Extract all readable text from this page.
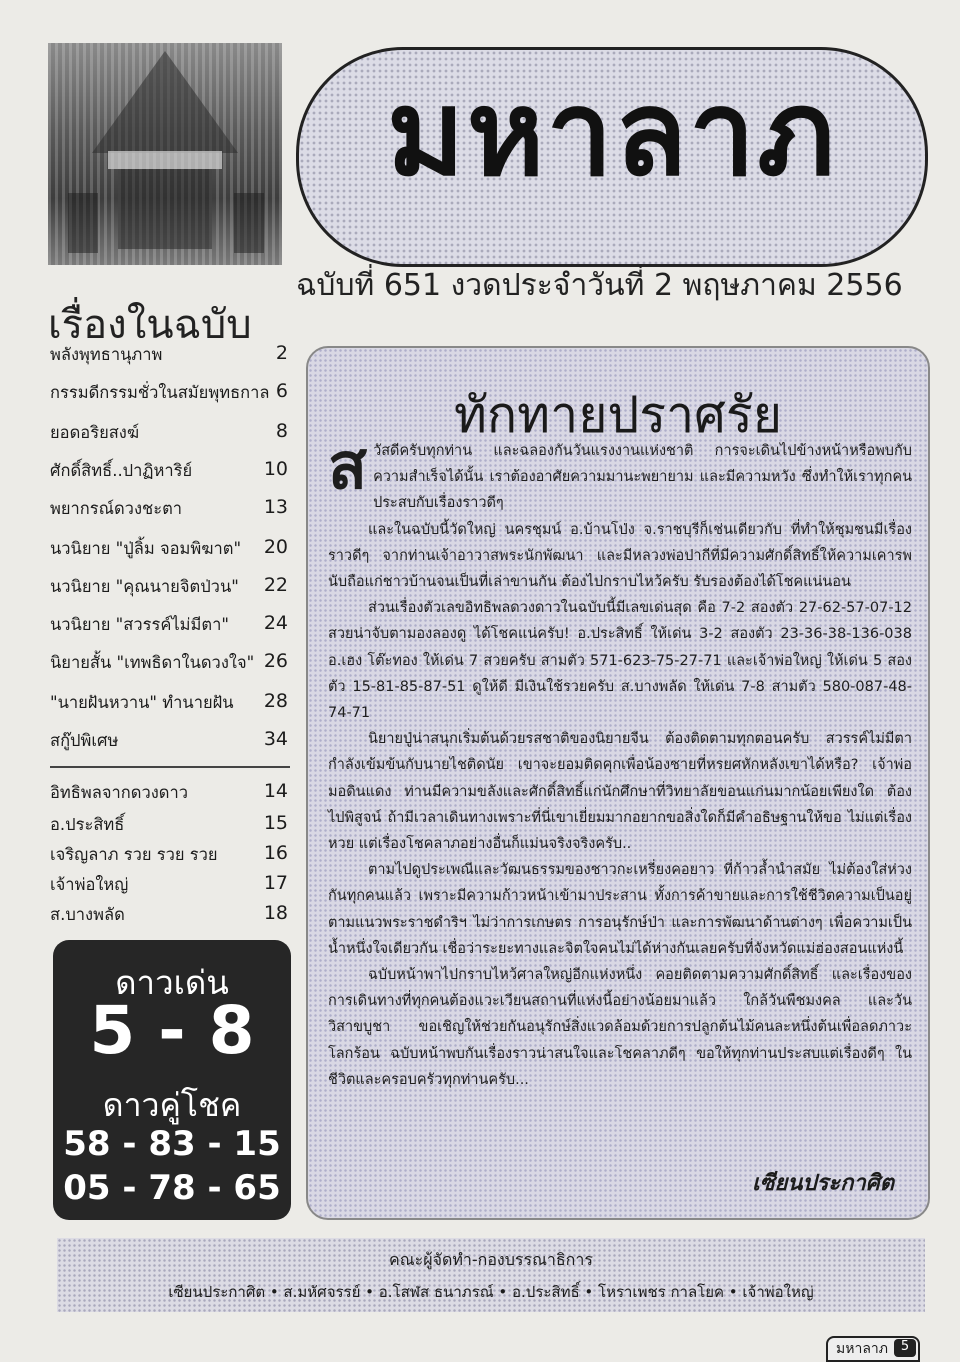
มหาลาภ
ฉบับที่ 651 งวดประจำวันที่ 2 พฤษภาคม 2556
เรื่องในฉบับ
พลังพุทธานุภาพ	2
กรรมดีกรรมชั่วในสมัยพุทธกาล 6
ยอดอริยสงฆ์	8
ศักดิ์สิทธิ์..ปาฏิหาริย์	10
พยากรณ์ดวงชะตา	13
นวนิยาย "ปู่ลิ้ม จอมพิฆาต" 20
นวนิยาย "คุณนายจิตป่วน" 22
นวนิยาย "สวรรค์ไม่มีตา" 24
นิยายสั้น "เทพธิดาในดวงใจ" 26
"นายฝันหวาน" ทำนายฝัน 28
สกู๊ปพิเศษ	34
อิทธิพลจากดวงดาว	14
อ.ประสิทธิ์	15
เจริญลาภ รวย รวย รวย 16
เจ้าพ่อใหญ่	17
ส.บางพลัด	18
ดาวเด่น
5 - 8
ดาวคู่โชค
58 - 83 - 15
05 - 78 - 65
ทักทายปราศรัย

สวัสดีครับทุกท่าน และฉลองกันวันแรงงานแห่งชาติ การจะเดินไปข้างหน้าหรือพบกับความสำเร็จได้นั้น เราต้องอาศัยความมานะพยายาม และมีความหวัง ซึ่งทำให้เราทุกคนประสบกับเรื่องราวดีๆ

และในฉบับนี้วัดใหญ่ นครชุมน์ อ.บ้านโป่ง จ.ราชบุรีก็เช่นเดียวกับ ที่ทำให้ชุมชนมีเรื่องราวดีๆ จากท่านเจ้าอาวาสพระนักพัฒนา และมีหลวงพ่อปากีที่มีความศักดิ์สิทธิ์ให้ความเคารพนับถือแก่ชาวบ้านจนเป็นที่เล่าขานกัน ต้องไปกราบไหว้ครับ รับรองต้องได้โชคแน่นอน

ส่วนเรื่องตัวเลขอิทธิพลดวงดาวในฉบับนี้มีเลขเด่นสุด คือ 7-2 สองตัว 27-62-57-07-12 สวยน่าจับตามองลองดู ได้โชคแน่ครับ! อ.ประสิทธิ์ ให้เด่น 3-2 สองตัว 23-36-38-136-038 อ.เฮง โต๊ะทอง ให้เด่น 7 สวยครับ สามตัว 571-623-75-27-71 และเจ้าพ่อใหญ่ ให้เด่น 5 สองตัว 15-81-85-87-51 ดูให้ดี มีเงินใช้รวยครับ ส.บางพลัด ให้เด่น 7-8 สามตัว 580-087-48-74-71

นิยายปู่น่าสนุกเริ่มต้นด้วยรสชาติของนิยายจีน ต้องติดตามทุกตอนครับ สวรรค์ไม่มีตา กำลังเข้มข้นกับนายไชติดนัย เขาจะยอมติดคุกเพื่อน้องชายที่หรยศหักหลังเขาได้หรือ? เจ้าพ่อมอดินแดง ท่านมีความขลังและศักดิ์สิทธิ์แก่นักศึกษาที่วิทยาลัยขอนแก่นมากน้อยเพียงใด ต้องไปพิสูจน์ ถ้ามีเวลาเดินทางเพราะที่นี่เขาเยี่ยมมากอยากขอสิ่งใดก็มีคำอธิษฐานให้ขอ ไม่แต่เรื่องหวย แต่เรื่องโชคลาภอย่างอื่นก็แม่นจริงจริงครับ..

ตามไปดูประเพณีและวัฒนธรรมของชาวกะเหรี่ยงคอยาว ที่ก้าวล้ำนำสมัย ไม่ต้องใส่ห่วงกันทุกคนแล้ว เพราะมีความก้าวหน้าเข้ามาประสาน ทั้งการค้าขายและการใช้ชีวิตความเป็นอยู่ ตามแนวพระราชดำริฯ ไม่ว่าการเกษตร การอนุรักษ์ป่า และการพัฒนาด้านต่างๆ เพื่อความเป็นน้ำหนึ่งใจเดียวกัน เชื่อว่าระยะทางและจิตใจคนไม่ได้ห่างกันเลยครับที่จังหวัดแม่ฮ่องสอนแห่งนี้

ฉบับหน้าพาไปกราบไหว้ศาลใหญ่อีกแห่งหนึ่ง คอยติดตามความศักดิ์สิทธิ์ และเรื่องของการเดินทางที่ทุกคนต้องแวะเวียนสถานที่แห่งนี้อย่างน้อยมาแล้ว ใกล้วันพืชมงคล และวันวิสาขบูชา ขอเชิญให้ช่วยกันอนุรักษ์สิ่งแวดล้อมด้วยการปลูกต้นไม้คนละหนึ่งต้นเพื่อลดภาวะโลกร้อน ฉบับหน้าพบกันเรื่องราวน่าสนใจและโชคลาภดีๆ ขอให้ทุกท่านประสบแต่เรื่องดีๆ ในชีวิตและครอบครัวทุกท่านครับ...

เซียนประกาศิต
คณะผู้จัดทำ-กองบรรณาธิการ
เซียนประกาศิต • ส.มหัศจรรย์ • อ.โสฬส ธนาภรณ์ • อ.ประสิทธิ์ • โหราเพชร กาลโยค • เจ้าพ่อใหญ่
มหาลาภ 5
